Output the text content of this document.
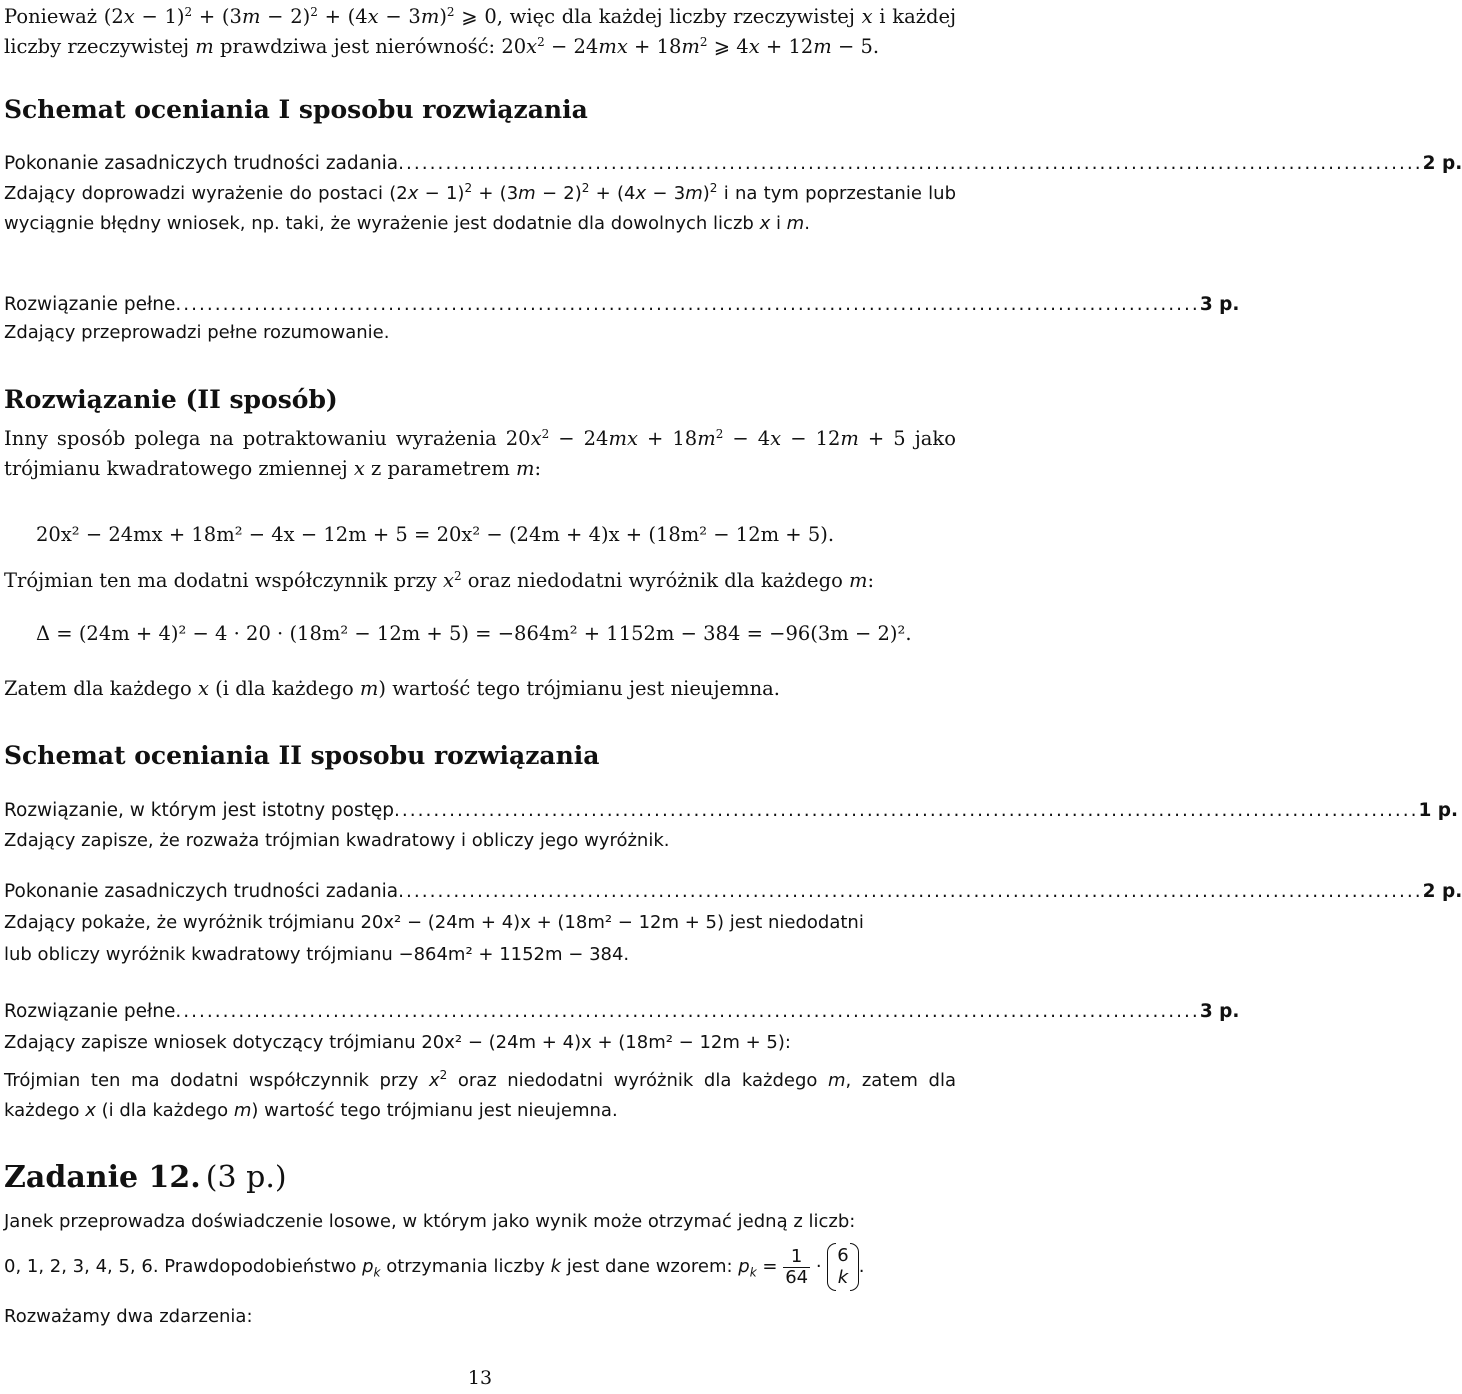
Ponieważ $(2x - 1)^2 + (3m - 2)^2 + (4x - 3m)^2$ ⩾ 0, więc dla każdej liczby rzeczywistej x i każdej liczby rzeczywistej m prawdziwa jest nierówność: $20x^2 - 24mx + 18m^2$ ⩾ 4x + 12m − 5.

Schemat oceniania I sposobu rozwiązania
Pokonanie zasadniczych trudności zadania .................................................................................................................................. 2 p.

Zdający doprowadzi wyrażenie do postaci $(2x - 1)^2 + (3m - 2)^2 + (4x - 3m)^2$ i na tym poprzestanie lub wyciągnie błędny wniosek, np. taki, że wyrażenie jest dodatnie dla dowolnych liczb x i m.

Rozwiązanie pełne .................................................................................................................................. 3 p.

Zdający przeprowadzi pełne rozumowanie.

Rozwiązanie (II sposób)

Inny sposób polega na potraktowaniu wyrażenia $20x^2 - 24mx + 18m^2 - 4x - 12m + 5$ jako trójmianu kwadratowego zmiennej x z parametrem m:

20x² − 24mx + 18m² − 4x − 12m + 5 = 20x² − (24m + 4)x + (18m² − 12m + 5).

Trójmian ten ma dodatni współczynnik przy $x^2$ oraz niedodatni wyróżnik dla każdego m:

Δ = (24m + 4)² − 4 · 20 · (18m² − 12m + 5) = −864m² + 1152m − 384 = −96(3m − 2)².

Zatem dla każdego x (i dla każdego m) wartość tego trójmianu jest nieujemna.

Schemat oceniania II sposobu rozwiązania
Rozwiązanie, w którym jest istotny postęp .................................................................................................................................. 1 p.

Zdający zapisze, że rozważa trójmian kwadratowy i obliczy jego wyróżnik.

Pokonanie zasadniczych trudności zadania .................................................................................................................................. 2 p.

Zdający pokaże, że wyróżnik trójmianu 20x² − (24m + 4)x + (18m² − 12m + 5) jest niedodatni

lub obliczy wyróżnik kwadratowy trójmianu −864m² + 1152m − 384.

Rozwiązanie pełne .................................................................................................................................. 3 p.

Zdający zapisze wniosek dotyczący trójmianu 20x² − (24m + 4)x + (18m² − 12m + 5):

Trójmian ten ma dodatni współczynnik przy $x^2$ oraz niedodatni wyróżnik dla każdego m, zatem dla każdego x (i dla każdego m) wartość tego trójmianu jest nieujemna.

Zadanie 12. (3 p.)

Janek przeprowadza doświadczenie losowe, w którym jako wynik może otrzymać jedną z liczb:

0, 1, 2, 3, 4, 5, 6. Prawdopodobieństwo $p_k$ otrzymania liczby k jest dane wzorem: $p_k = \frac{1}{64}$ ·
6
k
.

Rozważamy dwa zdarzenia:

13
